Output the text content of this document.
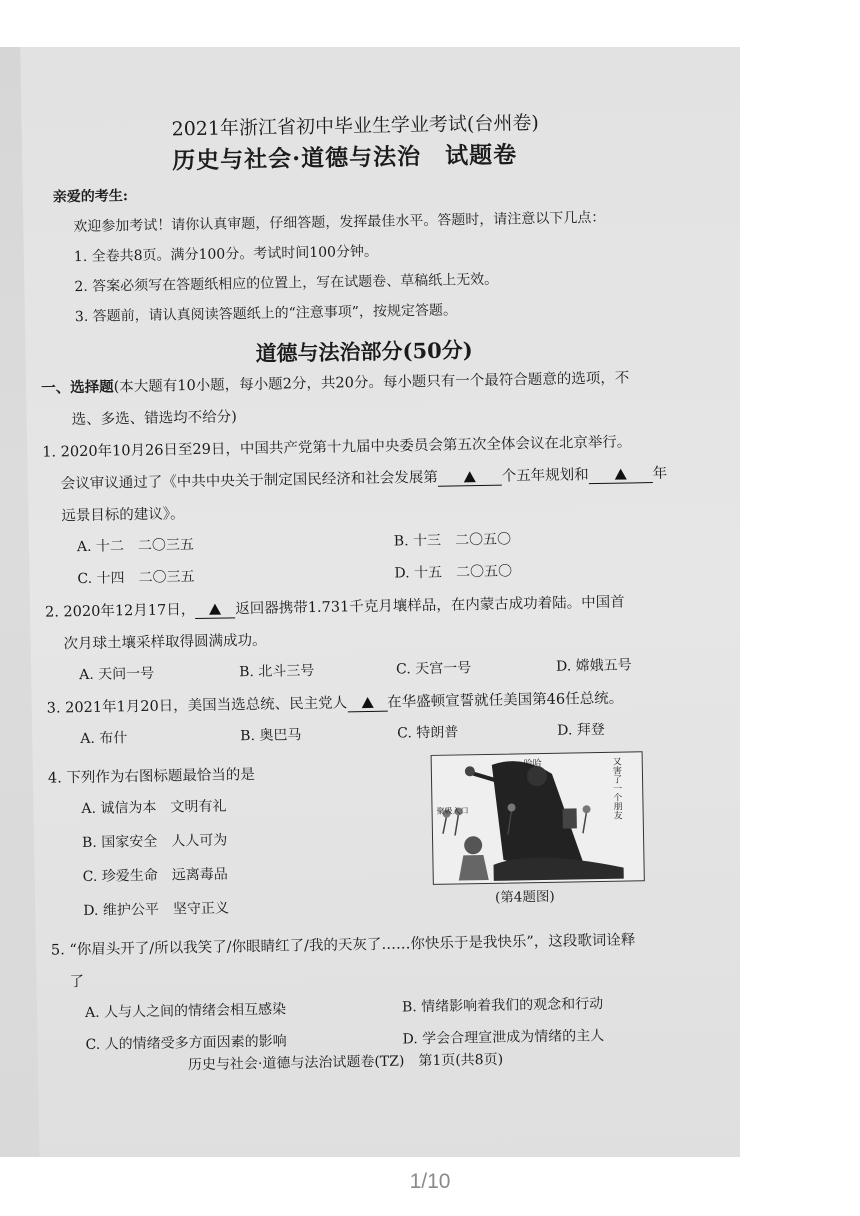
2021年浙江省初中毕业生学业考试(台州卷)
历史与社会·道德与法治　试题卷
亲爱的考生:
欢迎参加考试！请你认真审题，仔细答题，发挥最佳水平。答题时，请注意以下几点：
1. 全卷共8页。满分100分。考试时间100分钟。
2. 答案必须写在答题纸相应的位置上，写在试题卷、草稿纸上无效。
3. 答题前，请认真阅读答题纸上的“注意事项”，按规定答题。
道德与法治部分(50分)
一、选择题(本大题有10小题，每小题2分，共20分。每小题只有一个最符合题意的选项，不
选、多选、错选均不给分)
1. 2020年10月26日至29日，中国共产党第十九届中央委员会第五次全体会议在北京举行。
会议审议通过了《中共中央关于制定国民经济和社会发展第	个五年规划和	年
远景目标的建议》。
A. 十二　二〇三五	B. 十三　二〇五〇
C. 十四　二〇三五	D. 十五　二〇五〇
2. 2020年12月17日，	返回器携带1.731千克月壤样品，在内蒙古成功着陆。中国首
次月球土壤采样取得圆满成功。
A. 天问一号	B. 北斗三号	C. 天宫一号	D. 嫦娥五号
3. 2021年1月20日，美国当选总统、民主党人	在华盛顿宣誓就任美国第46任总统。
A. 布什	B. 奥巴马	C. 特朗普	D. 拜登
4. 下列作为右图标题最恰当的是
A. 诚信为本　文明有礼
B. 国家安全　人人可为
C. 珍爱生命　远离毒品
D. 维护公平　坚守正义
哈哈	又害了一个朋友
聚吸入口
(第4题图)
5. “你眉头开了/所以我笑了/你眼睛红了/我的天灰了……你快乐于是我快乐”，这段歌词诠释
了
A. 人与人之间的情绪会相互感染	B. 情绪影响着我们的观念和行动
C. 人的情绪受多方面因素的影响	D. 学会合理宣泄成为情绪的主人
历史与社会·道德与法治试题卷(TZ)　第1页(共8页)
1/10
